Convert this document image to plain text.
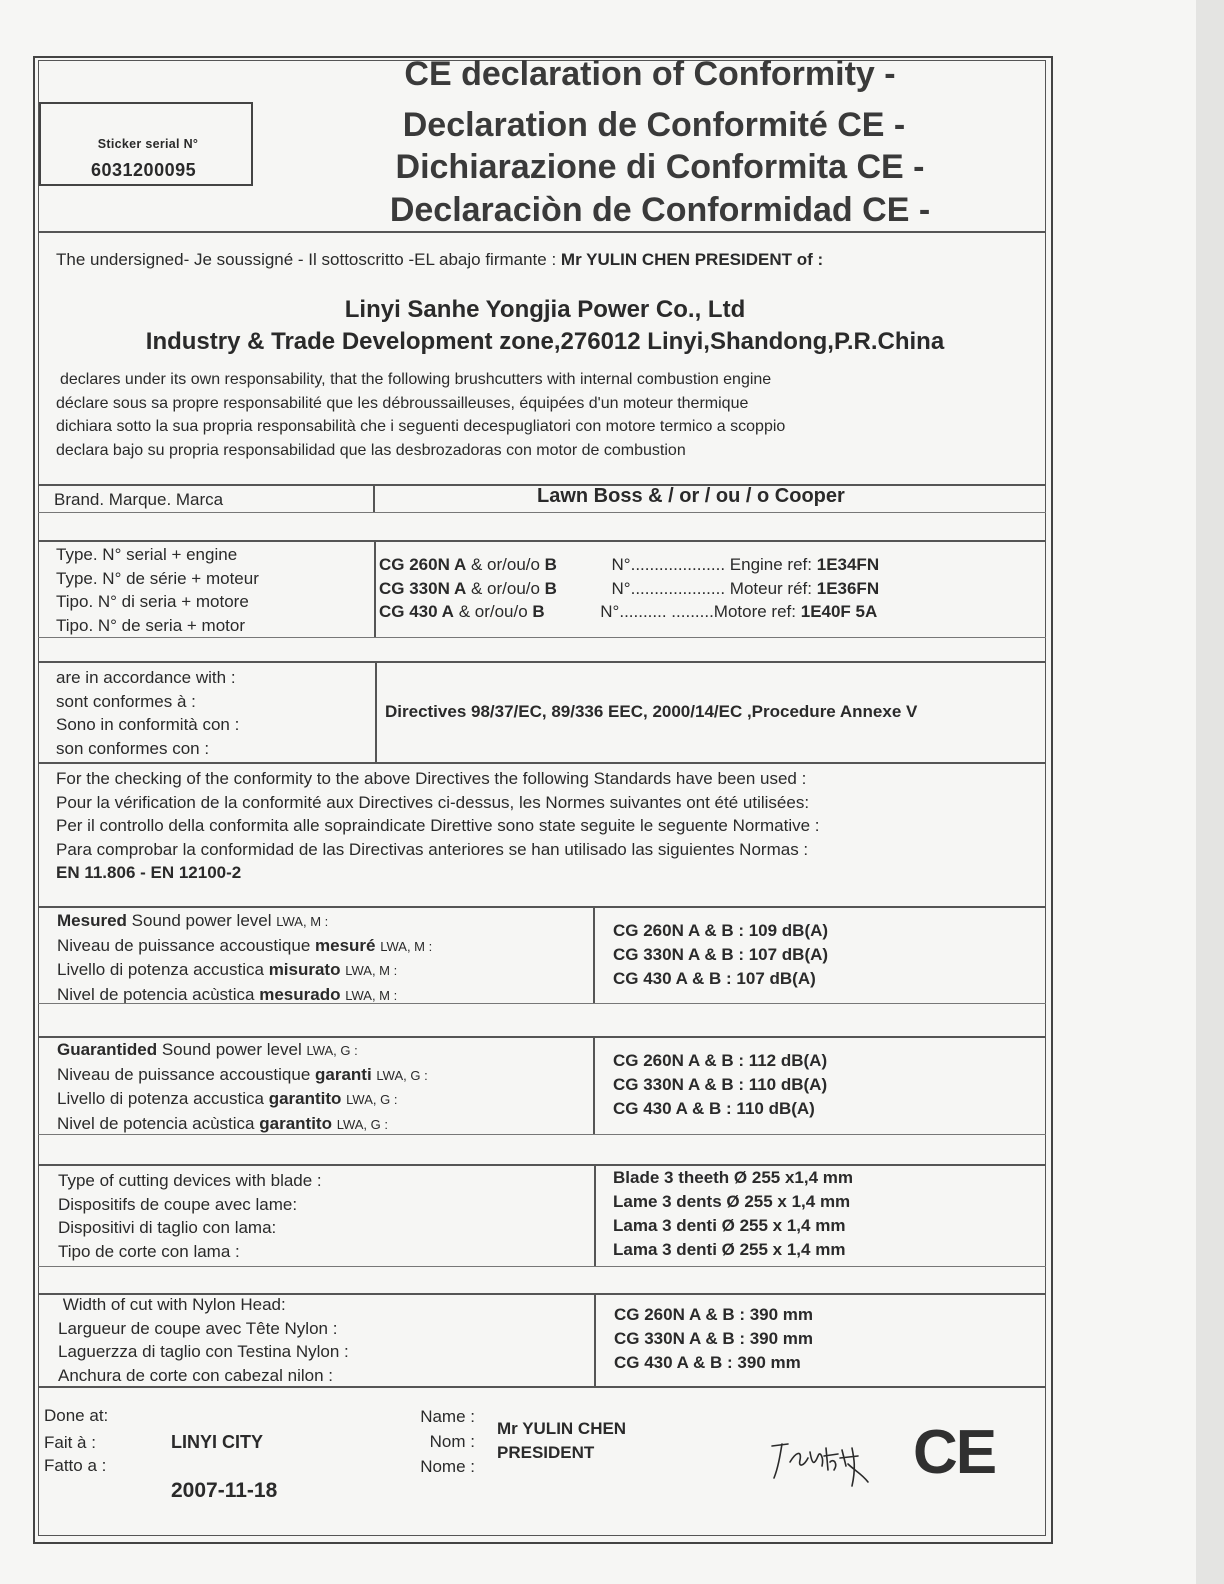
Sticker serial N°
6031200095
CE declaration of Conformity -
Declaration de Conformité CE -
Dichiarazione di Conformita CE -
Declaraciòn de Conformidad CE -
The undersigned- Je soussigné - Il sottoscritto -EL abajo firmante : Mr YULIN CHEN PRESIDENT of :
Linyi Sanhe Yongjia Power Co., Ltd
Industry & Trade Development zone,276012 Linyi,Shandong,P.R.China
declares under its own responsability, that the following brushcutters with internal combustion engine
déclare sous sa propre responsabilité que les débroussailleuses, équipées d'un moteur thermique
dichiara sotto la sua propria responsabilità che i seguenti decespugliatori con motore termico a scoppio
declara bajo su propria responsabilidad que las desbrozadoras con motor de combustion
Brand. Marque. Marca	Lawn Boss & / or / ou / o Cooper
Type. N° serial + engine
Type. N° de série + moteur
Tipo. N° di seria + motore
Tipo. N° de seria + motor
CG 260N A & or/ou/o B
CG 330N A & or/ou/o B
CG 430 A & or/ou/o B
N°.................... Engine ref: 1E34FN
N°.................... Moteur réf: 1E36FN
N°.......... .........Motore ref: 1E40F 5A
are in accordance with :
sont conformes à :
Sono in conformità con :
son conformes con :
Directives 98/37/EC, 89/336 EEC, 2000/14/EC ,Procedure Annexe V
For the checking of the conformity to the above Directives the following Standards have been used :
Pour la vérification de la conformité aux Directives ci-dessus, les Normes suivantes ont été utilisées:
Per il controllo della conformita alle sopraindicate Direttive sono state seguite le seguente Normative :
Para comprobar la conformidad de las Directivas anteriores se han utilisado las siguientes Normas :
EN 11.806 - EN 12100-2
Mesured Sound power level LWA, M :
Niveau de puissance accoustique mesuré LWA, M :
Livello di potenza accustica misurato LWA, M :
Nivel de potencia acùstica mesurado LWA, M :
CG 260N A & B : 109 dB(A)
CG 330N A & B : 107 dB(A)
CG 430 A & B : 107 dB(A)
Guarantided Sound power level LWA, G :
Niveau de puissance accoustique garanti LWA, G :
Livello di potenza accustica garantito LWA, G :
Nivel de potencia acùstica garantito LWA, G :
CG 260N A & B : 112 dB(A)
CG 330N A & B : 110 dB(A)
CG 430 A & B : 110 dB(A)
Type of cutting devices with blade :
Dispositifs de coupe avec lame:
Dispositivi di taglio con lama:
Tipo de corte con lama :
Blade 3 theeth Ø 255 x1,4 mm
Lame 3 dents Ø 255 x 1,4 mm
Lama 3 denti Ø 255 x 1,4 mm
Lama 3 denti Ø 255 x 1,4 mm
Width of cut with Nylon Head:
Largueur de coupe avec Tête Nylon :
Laguerzza di taglio con Testina Nylon :
Anchura de corte con cabezal nilon :
CG 260N A & B : 390 mm
CG 330N A & B : 390 mm
CG 430 A & B : 390 mm
Done at:
Fait à :
Fatto a :
LINYI CITY
2007-11-18
Name :
Nom :
Nome :
Mr YULIN CHEN
PRESIDENT	CE
